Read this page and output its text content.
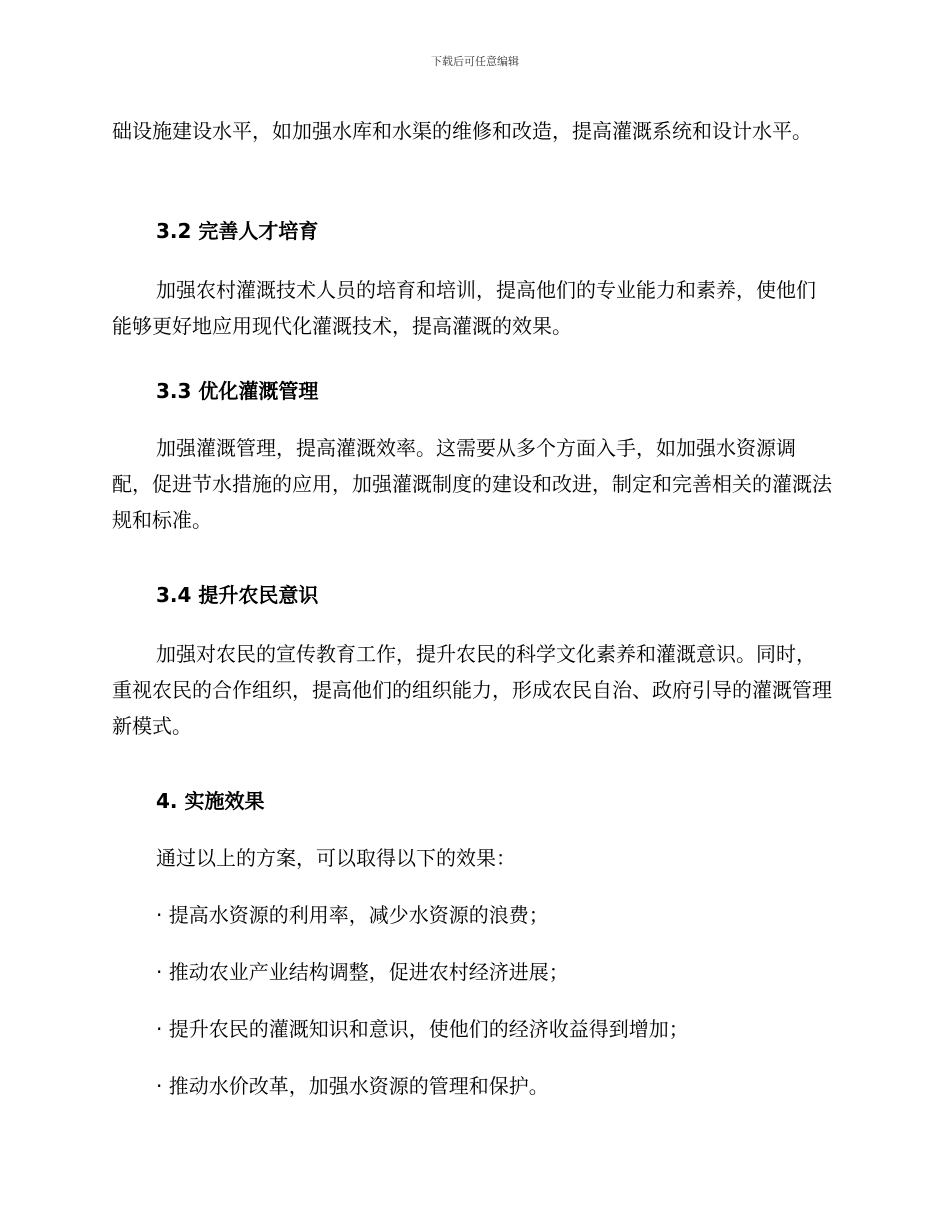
下载后可任意编辑

础设施建设水平，如加强水库和水渠的维修和改造，提高灌溉系统和设计水平。

3.2 完善人才培育

加强农村灌溉技术人员的培育和培训，提高他们的专业能力和素养，使他们能够更好地应用现代化灌溉技术，提高灌溉的效果。

3.3 优化灌溉管理

加强灌溉管理，提高灌溉效率。这需要从多个方面入手，如加强水资源调配，促进节水措施的应用，加强灌溉制度的建设和改进，制定和完善相关的灌溉法规和标准。

3.4 提升农民意识

加强对农民的宣传教育工作，提升农民的科学文化素养和灌溉意识。同时，重视农民的合作组织，提高他们的组织能力，形成农民自治、政府引导的灌溉管理新模式。

4. 实施效果

通过以上的方案，可以取得以下的效果：

· 提高水资源的利用率，减少水资源的浪费；

· 推动农业产业结构调整，促进农村经济进展；

· 提升农民的灌溉知识和意识，使他们的经济收益得到增加；

· 推动水价改革，加强水资源的管理和保护。
